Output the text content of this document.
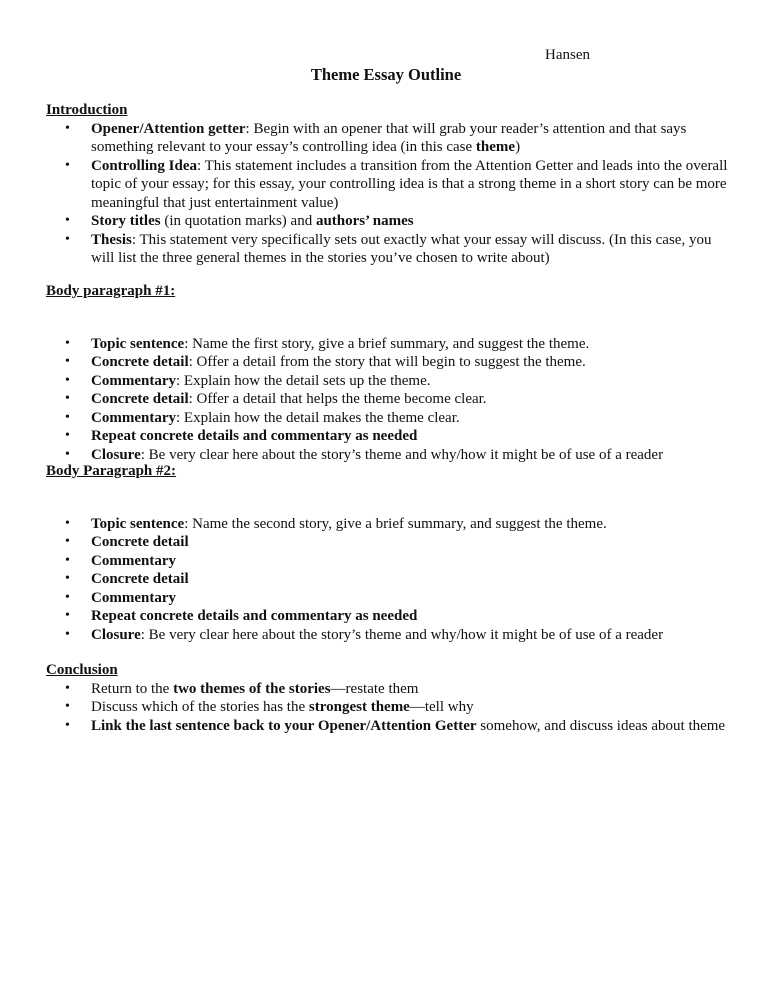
Hansen
Theme Essay Outline
Introduction
• Opener/Attention getter: Begin with an opener that will grab your reader’s attention and that says something relevant to your essay’s controlling idea (in this case theme)
• Controlling Idea: This statement includes a transition from the Attention Getter and leads into the overall topic of your essay; for this essay, your controlling idea is that a strong theme in a short story can be more meaningful that just entertainment value)
• Story titles (in quotation marks) and authors’ names
• Thesis: This statement very specifically sets out exactly what your essay will discuss. (In this case, you will list the three general themes in the stories you’ve chosen to write about)
Body paragraph #1:
• Topic sentence: Name the first story, give a brief summary, and suggest the theme.
• Concrete detail: Offer a detail from the story that will begin to suggest the theme.
• Commentary: Explain how the detail sets up the theme.
• Concrete detail: Offer a detail that helps the theme become clear.
• Commentary: Explain how the detail makes the theme clear.
• Repeat concrete details and commentary as needed
• Closure: Be very clear here about the story’s theme and why/how it might be of use of a reader
Body Paragraph #2:
• Topic sentence: Name the second story, give a brief summary, and suggest the theme.
• Concrete detail
• Commentary
• Concrete detail
• Commentary
• Repeat concrete details and commentary as needed
• Closure: Be very clear here about the story’s theme and why/how it might be of use of a reader
Conclusion
• Return to the two themes of the stories—restate them
• Discuss which of the stories has the strongest theme—tell why
• Link the last sentence back to your Opener/Attention Getter somehow, and discuss ideas about theme
